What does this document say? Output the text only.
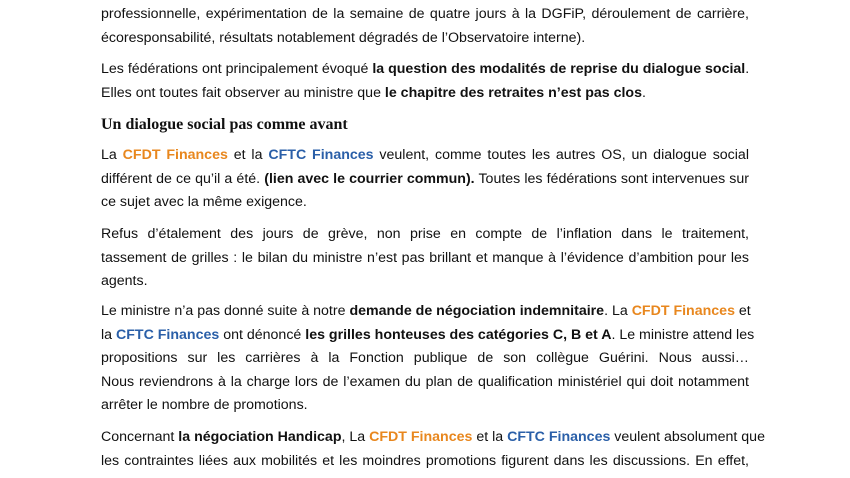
professionnelle, expérimentation de la semaine de quatre jours à la DGFiP, déroulement de carrière,
écoresponsabilité, résultats notablement dégradés de l’Observatoire interne).
Les fédérations ont principalement évoqué la question des modalités de reprise du dialogue social.
Elles ont toutes fait observer au ministre que le chapitre des retraites n’est pas clos.
Un dialogue social pas comme avant
La CFDT Finances et la CFTC Finances veulent, comme toutes les autres OS, un dialogue social
différent de ce qu’il a été. (lien avec le courrier commun). Toutes les fédérations sont intervenues sur
ce sujet avec la même exigence.
Refus d’étalement des jours de grève, non prise en compte de l’inflation dans le traitement,
tassement de grilles : le bilan du ministre n’est pas brillant et manque à l’évidence d’ambition pour les
agents.
Le ministre n’a pas donné suite à notre demande de négociation indemnitaire. La CFDT Finances et
la CFTC Finances ont dénoncé les grilles honteuses des catégories C, B et A. Le ministre attend les
propositions sur les carrières à la Fonction publique de son collègue Guérini. Nous aussi…
Nous reviendrons à la charge lors de l’examen du plan de qualification ministériel qui doit notamment
arrêter le nombre de promotions.
Concernant la négociation Handicap, La CFDT Finances et la CFTC Finances veulent absolument que
les contraintes liées aux mobilités et les moindres promotions figurent dans les discussions. En effet,
